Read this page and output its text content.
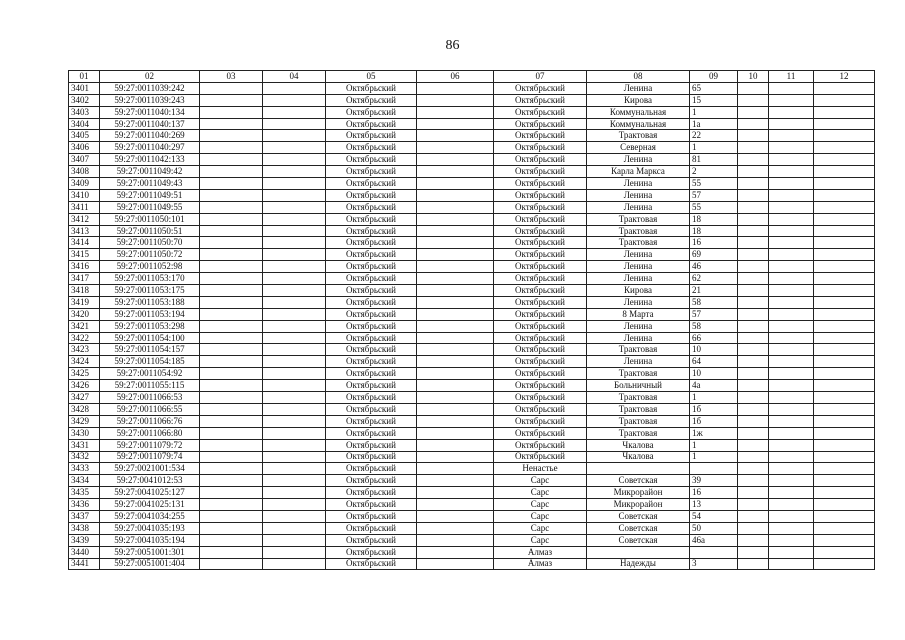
86
01	02	03	04	05	06	07	08	09	10	11	12
3401	59:27:0011039:242			Октябрьский		Октябрьский	Ленина	65			
3402	59:27:0011039:243			Октябрьский		Октябрьский	Кирова	15			
3403	59:27:0011040:134			Октябрьский		Октябрьский	Коммунальная	1			
3404	59:27:0011040:137			Октябрьский		Октябрьский	Коммунальная	1а			
3405	59:27:0011040:269			Октябрьский		Октябрьский	Трактовая	22			
3406	59:27:0011040:297			Октябрьский		Октябрьский	Северная	1			
3407	59:27:0011042:133			Октябрьский		Октябрьский	Ленина	81			
3408	59:27:0011049:42			Октябрьский		Октябрьский	Карла Маркса	2			
3409	59:27:0011049:43			Октябрьский		Октябрьский	Ленина	55			
3410	59:27:0011049:51			Октябрьский		Октябрьский	Ленина	57			
3411	59:27:0011049:55			Октябрьский		Октябрьский	Ленина	55			
3412	59:27:0011050:101			Октябрьский		Октябрьский	Трактовая	18			
3413	59:27:0011050:51			Октябрьский		Октябрьский	Трактовая	18			
3414	59:27:0011050:70			Октябрьский		Октябрьский	Трактовая	16			
3415	59:27:0011050:72			Октябрьский		Октябрьский	Ленина	69			
3416	59:27:0011052:98			Октябрьский		Октябрьский	Ленина	46			
3417	59:27:0011053:170			Октябрьский		Октябрьский	Ленина	62			
3418	59:27:0011053:175			Октябрьский		Октябрьский	Кирова	21			
3419	59:27:0011053:188			Октябрьский		Октябрьский	Ленина	58			
3420	59:27:0011053:194			Октябрьский		Октябрьский	8 Марта	57			
3421	59:27:0011053:298			Октябрьский		Октябрьский	Ленина	58			
3422	59:27:0011054:100			Октябрьский		Октябрьский	Ленина	66			
3423	59:27:0011054:157			Октябрьский		Октябрьский	Трактовая	10			
3424	59:27:0011054:185			Октябрьский		Октябрьский	Ленина	64			
3425	59:27:0011054:92			Октябрьский		Октябрьский	Трактовая	10			
3426	59:27:0011055:115			Октябрьский		Октябрьский	Больничный	4а			
3427	59:27:0011066:53			Октябрьский		Октябрьский	Трактовая	1			
3428	59:27:0011066:55			Октябрьский		Октябрьский	Трактовая	1б			
3429	59:27:0011066:76			Октябрьский		Октябрьский	Трактовая	1б			
3430	59:27:0011066:80			Октябрьский		Октябрьский	Трактовая	1ж			
3431	59:27:0011079:72			Октябрьский		Октябрьский	Чкалова	1			
3432	59:27:0011079:74			Октябрьский		Октябрьский	Чкалова	1			
3433	59:27:0021001:534			Октябрьский		Ненастье					
3434	59:27:0041012:53			Октябрьский		Сарс	Советская	39			
3435	59:27:0041025:127			Октябрьский		Сарс	Микрорайон	16			
3436	59:27:0041025:131			Октябрьский		Сарс	Микрорайон	13			
3437	59:27:0041034:255			Октябрьский		Сарс	Советская	54			
3438	59:27:0041035:193			Октябрьский		Сарс	Советская	50			
3439	59:27:0041035:194			Октябрьский		Сарс	Советская	46а			
3440	59:27:0051001:301			Октябрьский		Алмаз					
3441	59:27:0051001:404			Октябрьский		Алмаз	Надежды	3			
